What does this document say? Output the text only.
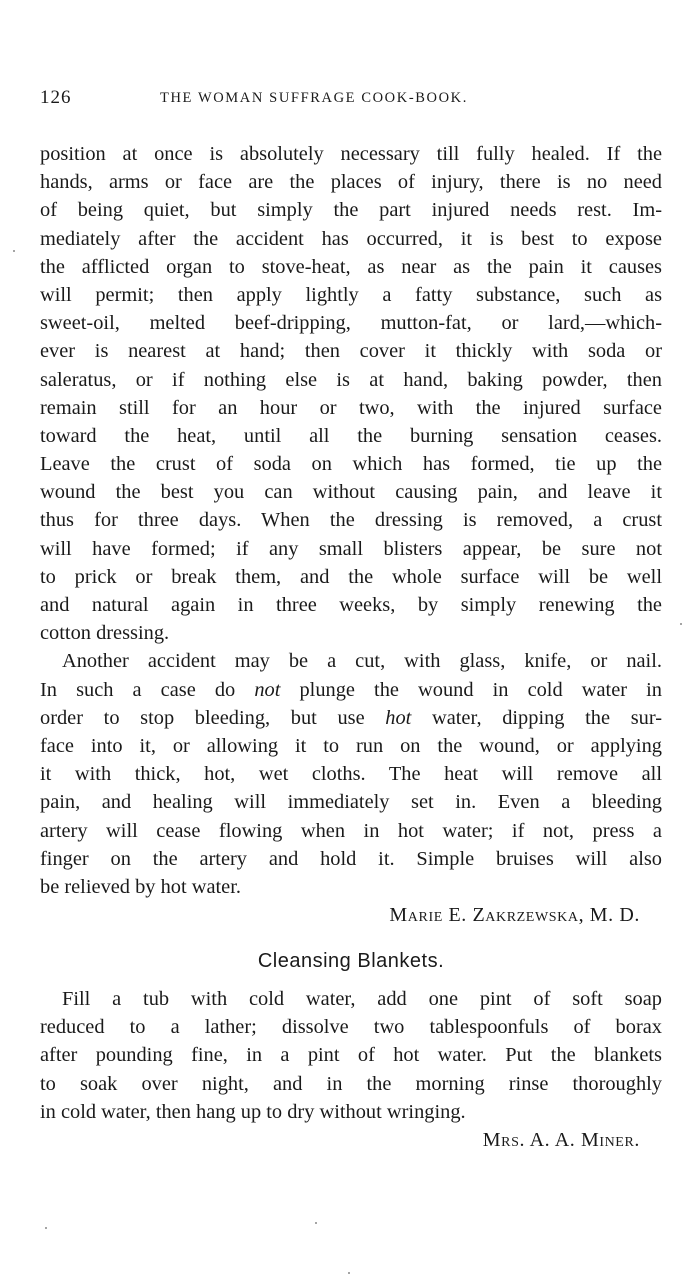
126	THE WOMAN SUFFRAGE COOK-BOOK.
position at once is absolutely necessary till fully healed. If the
hands, arms or face are the places of injury, there is no need
of being quiet, but simply the part injured needs rest. Im-
mediately after the accident has occurred, it is best to expose
the afflicted organ to stove-heat, as near as the pain it causes
will permit; then apply lightly a fatty substance, such as
sweet-oil, melted beef-dripping, mutton-fat, or lard,—which-
ever is nearest at hand; then cover it thickly with soda or
saleratus, or if nothing else is at hand, baking powder, then
remain still for an hour or two, with the injured surface
toward the heat, until all the burning sensation ceases.
Leave the crust of soda on which has formed, tie up the
wound the best you can without causing pain, and leave it
thus for three days. When the dressing is removed, a crust
will have formed; if any small blisters appear, be sure not
to prick or break them, and the whole surface will be well
and natural again in three weeks, by simply renewing the
cotton dressing.
Another accident may be a cut, with glass, knife, or nail.
In such a case do not plunge the wound in cold water in
order to stop bleeding, but use hot water, dipping the sur-
face into it, or allowing it to run on the wound, or applying
it with thick, hot, wet cloths. The heat will remove all
pain, and healing will immediately set in. Even a bleeding
artery will cease flowing when in hot water; if not, press a
finger on the artery and hold it. Simple bruises will also
be relieved by hot water.
Marie E. Zakrzewska, M. D.
Cleansing Blankets.
Fill a tub with cold water, add one pint of soft soap
reduced to a lather; dissolve two tablespoonfuls of borax
after pounding fine, in a pint of hot water. Put the blankets
to soak over night, and in the morning rinse thoroughly
in cold water, then hang up to dry without wringing.
Mrs. A. A. Miner.
